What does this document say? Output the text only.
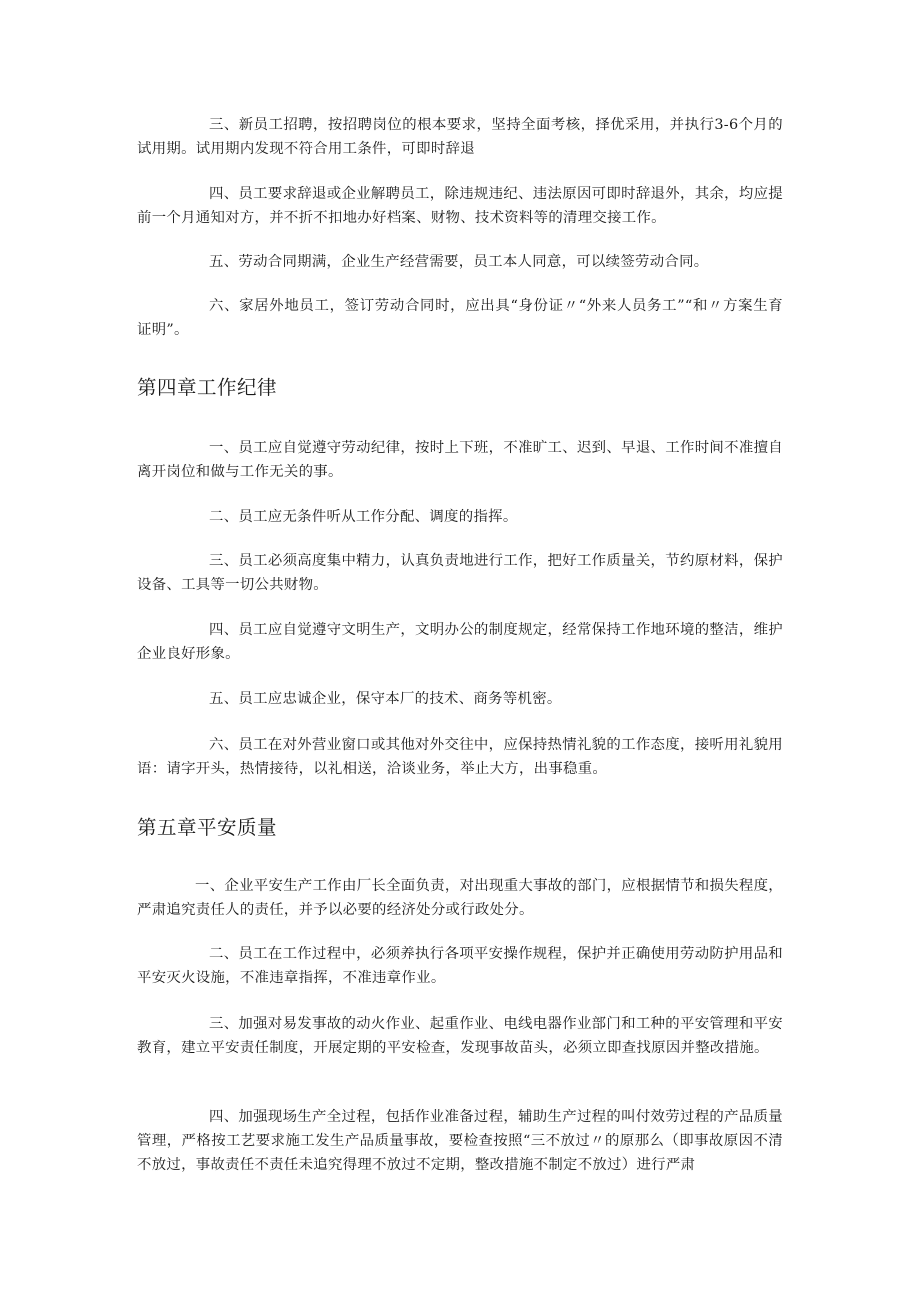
三、新员工招聘，按招聘岗位的根本要求，坚持全面考核，择优采用，并执行3-6个月的试用期。试用期内发现不符合用工条件，可即时辞退

四、员工要求辞退或企业解聘员工，除违规违纪、违法原因可即时辞退外，其余，均应提前一个月通知对方，并不折不扣地办好档案、财物、技术资料等的清理交接工作。

五、劳动合同期满，企业生产经营需要，员工本人同意，可以续签劳动合同。

六、家居外地员工，签订劳动合同时，应出具“身份证〃“外来人员务工”“和〃方案生育证明”。

第四章工作纪律

一、员工应自觉遵守劳动纪律，按时上下班，不准旷工、迟到、早退、工作时间不准擅自离开岗位和做与工作无关的事。

二、员工应无条件听从工作分配、调度的指挥。

三、员工必须高度集中精力，认真负责地进行工作，把好工作质量关，节约原材料，保护设备、工具等一切公共财物。

四、员工应自觉遵守文明生产，文明办公的制度规定，经常保持工作地环境的整洁，维护企业良好形象。

五、员工应忠诚企业，保守本厂的技术、商务等机密。

六、员工在对外营业窗口或其他对外交往中，应保持热情礼貌的工作态度，接听用礼貌用语：请字开头，热情接待，以礼相送，洽谈业务，举止大方，出事稳重。

第五章平安质量

一、企业平安生产工作由厂长全面负责，对出现重大事故的部门，应根据情节和损失程度，严肃追究责任人的责任，并予以必要的经济处分或行政处分。

二、员工在工作过程中，必须养执行各项平安操作规程，保护并正确使用劳动防护用品和平安灭火设施，不准违章指挥，不准违章作业。

三、加强对易发事故的动火作业、起重作业、电线电器作业部门和工种的平安管理和平安教育，建立平安责任制度，开展定期的平安检查，发现事故苗头，必须立即查找原因并整改措施。

四、加强现场生产全过程，包括作业准备过程，辅助生产过程的叫付效劳过程的产品质量管理，严格按工艺要求施工发生产品质量事故，要检查按照“三不放过〃的原那么（即事故原因不清不放过，事故责任不责任未追究得理不放过不定期，整改措施不制定不放过）进行严肃
